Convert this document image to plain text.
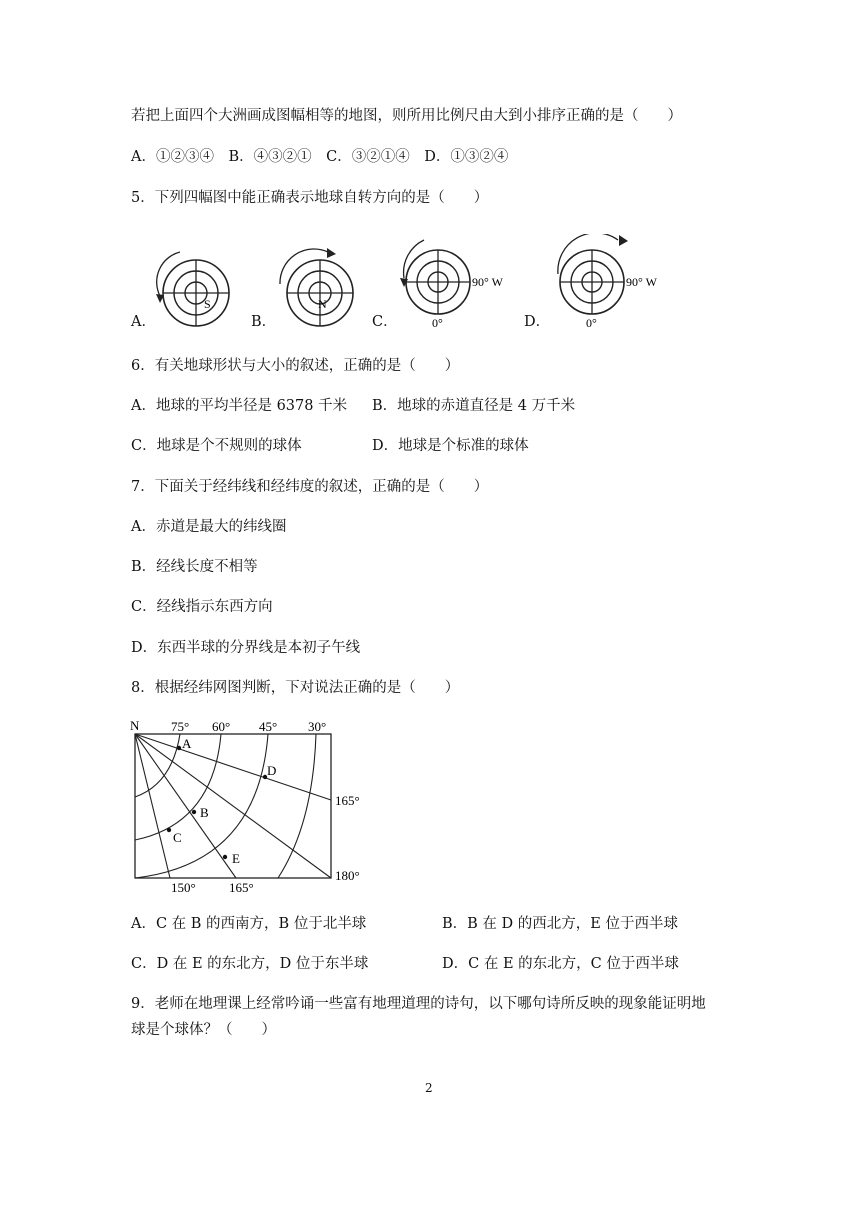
若把上面四个大洲画成图幅相等的地图，则所用比例尺由大到小排序正确的是（　　）
A．①②③④　B．④③②①　C．③②①④　D．①③②④
5．下列四幅图中能正确表示地球自转方向的是（　　）
A．	B．	C．	D．
S	N
90° W
0°
90° W
0°
6．有关地球形状与大小的叙述，正确的是（　　）
A．地球的平均半径是 6378 千米 B．地球的赤道直径是 4 万千米
C．地球是个不规则的球体	D．地球是个标准的球体
7．下面关于经纬线和经纬度的叙述，正确的是（　　）
A．赤道是最大的纬线圈
B．经线长度不相等
C．经线指示东西方向
D．东西半球的分界线是本初子午线
8．根据经纬网图判断，下对说法正确的是（　　）
N 75° 60° 45° 30°
165°
180°
150°	165°
A
B
C
D
E
A．C 在 B 的西南方，B 位于北半球	B．B 在 D 的西北方，E 位于西半球
C．D 在 E 的东北方，D 位于东半球	D．C 在 E 的东北方，C 位于西半球
9．老师在地理课上经常吟诵一些富有地理道理的诗句，以下哪句诗所反映的现象能证明地
球是个球体？（　　）
2
